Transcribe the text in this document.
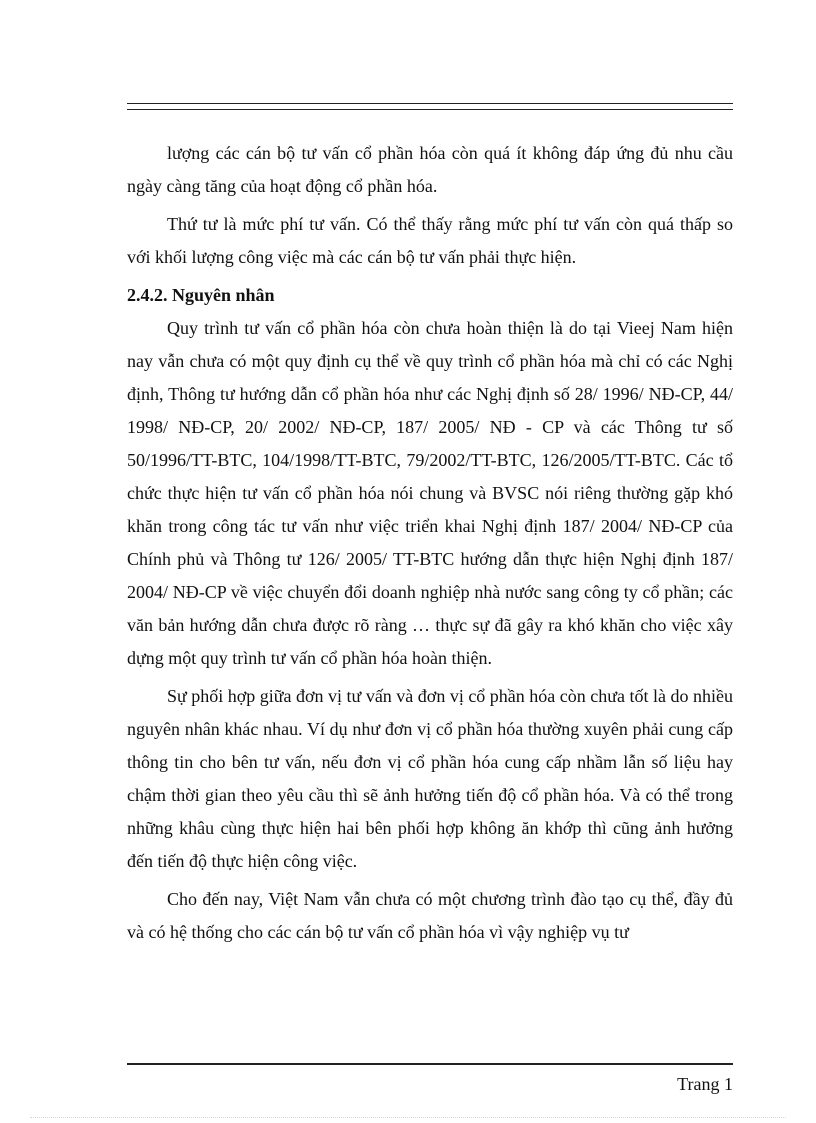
lượng các cán bộ tư vấn cổ phần hóa còn quá ít không đáp ứng đủ nhu cầu ngày càng tăng của hoạt động cổ phần hóa.

Thứ tư là mức phí tư vấn. Có thể thấy rằng mức phí tư vấn còn quá thấp so với khối lượng công việc mà các cán bộ tư vấn phải thực hiện.

2.4.2. Nguyên nhân

Quy trình tư vấn cổ phần hóa còn chưa hoàn thiện là do tại Vieej Nam hiện nay vẫn chưa có một quy định cụ thể về quy trình cổ phần hóa mà chỉ có các Nghị định, Thông tư hướng dẫn cổ phần hóa như các Nghị định số 28/ 1996/ NĐ-CP, 44/ 1998/ NĐ-CP, 20/ 2002/ NĐ-CP, 187/ 2005/ NĐ - CP và các Thông tư số 50/1996/TT-BTC, 104/1998/TT-BTC, 79/2002/TT-BTC, 126/2005/TT-BTC. Các tổ chức thực hiện tư vấn cổ phần hóa nói chung và BVSC nói riêng thường gặp khó khăn trong công tác tư vấn như việc triển khai Nghị định 187/ 2004/ NĐ-CP của Chính phủ và Thông tư 126/ 2005/ TT-BTC hướng dẫn thực hiện Nghị định 187/ 2004/ NĐ-CP về việc chuyển đổi doanh nghiệp nhà nước sang công ty cổ phần; các văn bản hướng dẫn chưa được rõ ràng … thực sự đã gây ra khó khăn cho việc xây dựng một quy trình tư vấn cổ phần hóa hoàn thiện.

Sự phối hợp giữa đơn vị tư vấn và đơn vị cổ phần hóa còn chưa tốt là do nhiều nguyên nhân khác nhau. Ví dụ như đơn vị cổ phần hóa thường xuyên phải cung cấp thông tin cho bên tư vấn, nếu đơn vị cổ phần hóa cung cấp nhầm lẫn số liệu hay chậm thời gian theo yêu cầu thì sẽ ảnh hưởng tiến độ cổ phần hóa. Và có thể trong những khâu cùng thực hiện hai bên phối hợp không ăn khớp thì cũng ảnh hưởng đến tiến độ thực hiện công việc.

Cho đến nay, Việt Nam vẫn chưa có một chương trình đào tạo cụ thể, đầy đủ và có hệ thống cho các cán bộ tư vấn cổ phần hóa vì vậy nghiệp vụ tư

Trang 1
